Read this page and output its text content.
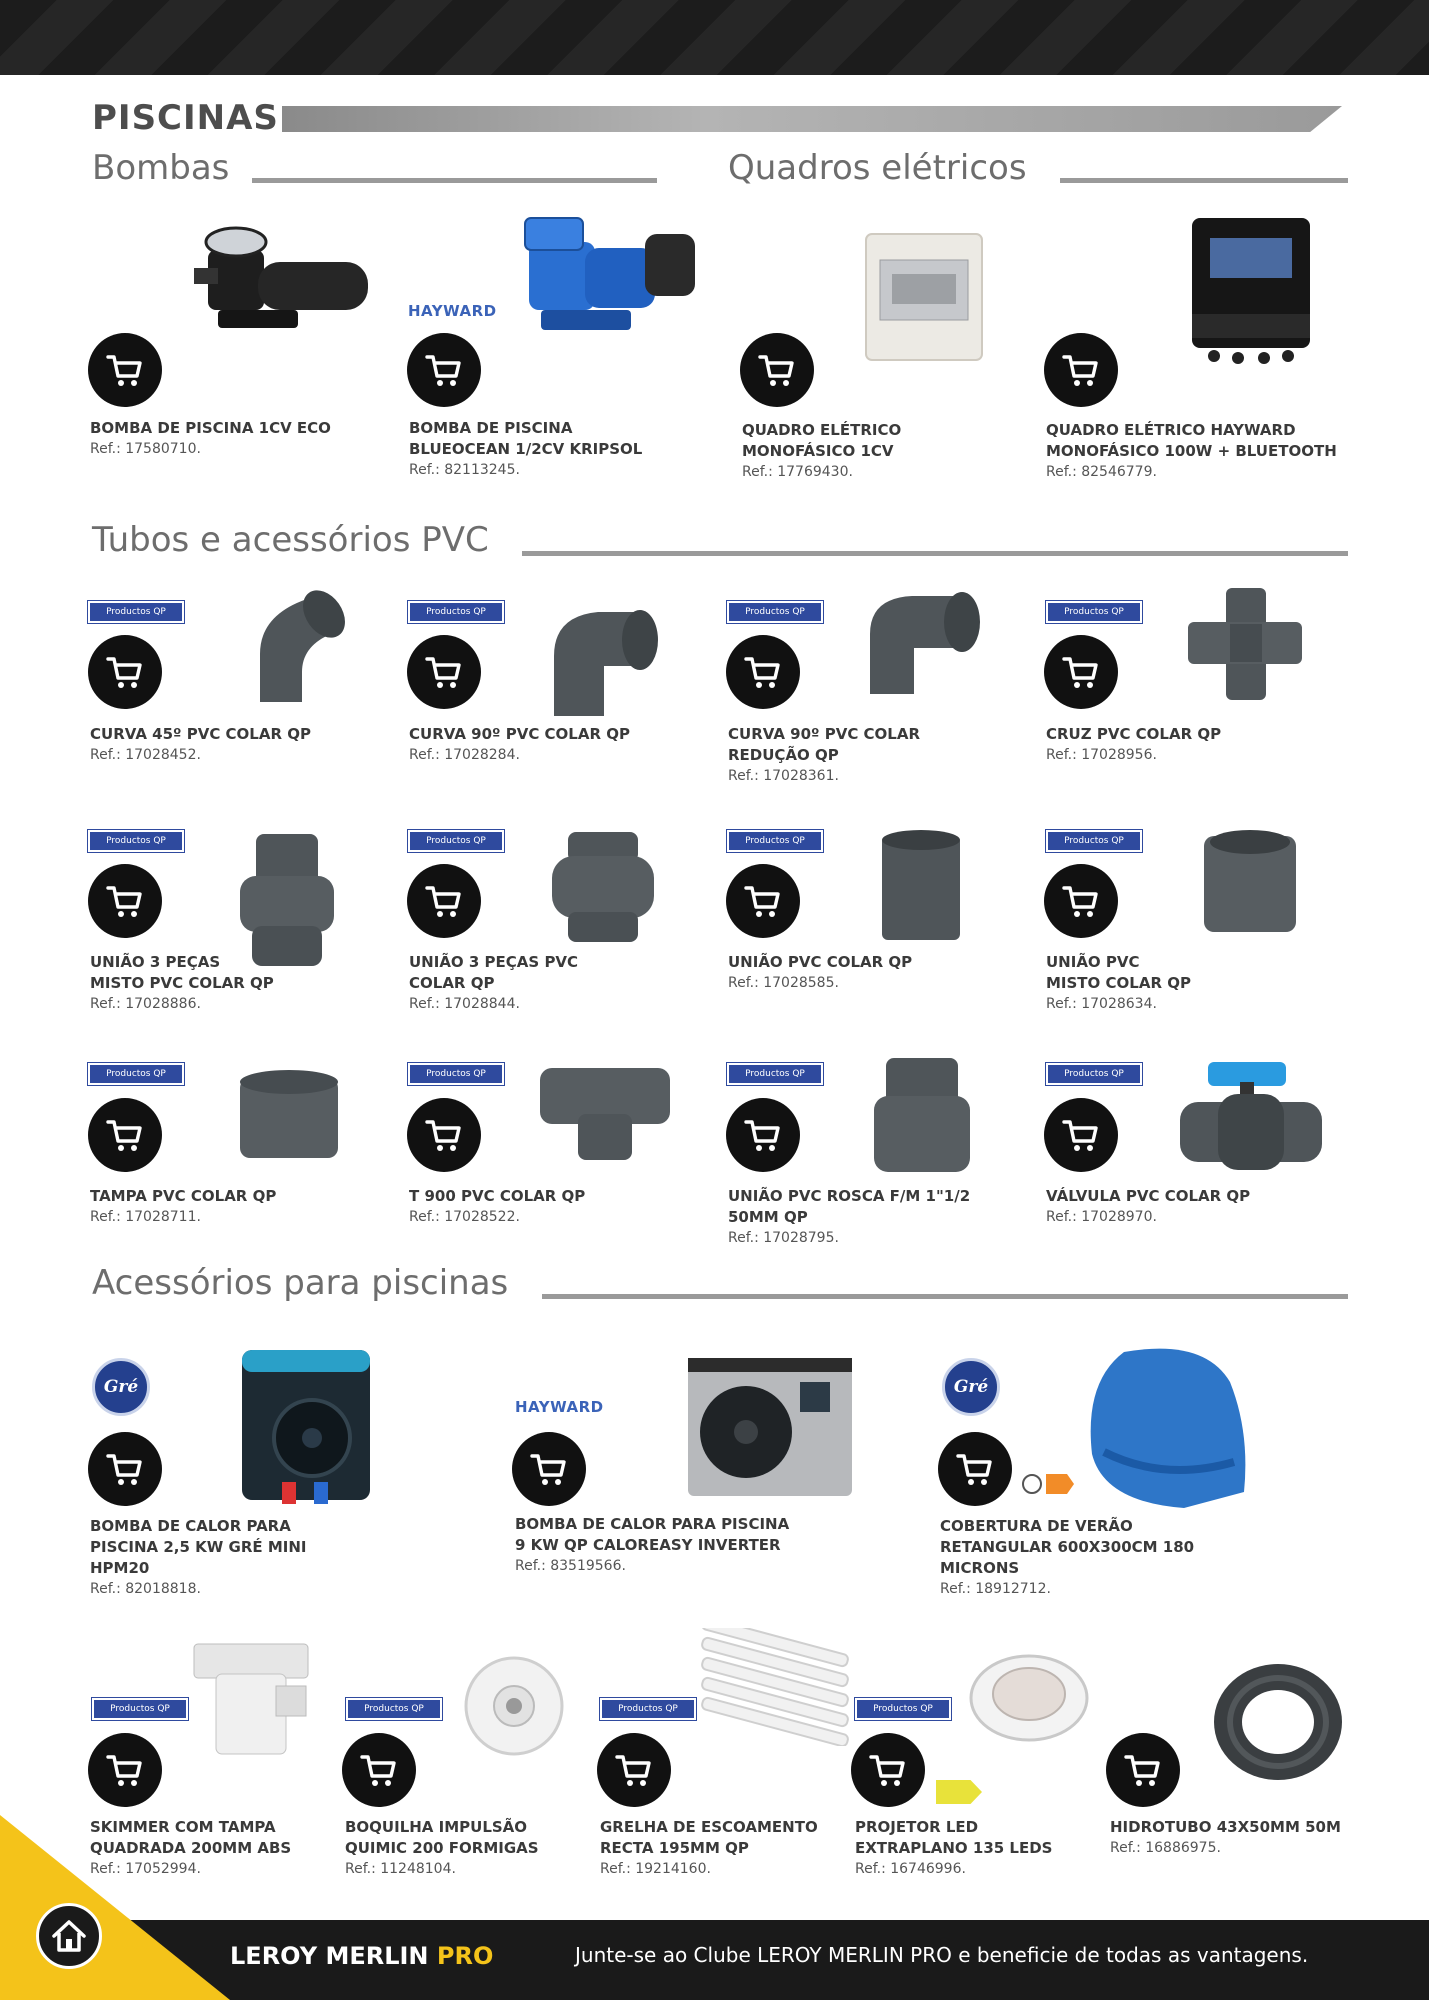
PISCINAS
Bombas	Quadros elétricos
Tubos e acessórios PVC
Acessórios para piscinas
BOMBA DE PISCINA 1CV ECO
Ref.: 17580710.
HAYWARD
BOMBA DE PISCINA
BLUEOCEAN 1/2CV KRIPSOL
Ref.: 82113245.
QUADRO ELÉTRICO
MONOFÁSICO 1CV
Ref.: 17769430.
QUADRO ELÉTRICO HAYWARD
MONOFÁSICO 100W + BLUETOOTH
Ref.: 82546779.
Productos QP
CURVA 45º PVC COLAR QP
Ref.: 17028452.
Productos QP
CURVA 90º PVC COLAR QP
Ref.: 17028284.
Productos QP
CURVA 90º PVC COLAR
REDUÇÃO QP
Ref.: 17028361.
Productos QP
CRUZ PVC COLAR QP
Ref.: 17028956.
Productos QP
UNIÃO 3 PEÇAS
MISTO PVC COLAR QP
Ref.: 17028886.
Productos QP
UNIÃO 3 PEÇAS PVC
COLAR QP
Ref.: 17028844.
Productos QP
UNIÃO PVC COLAR QP
Ref.: 17028585.
Productos QP
UNIÃO PVC
MISTO COLAR QP
Ref.: 17028634.
Productos QP
TAMPA PVC COLAR QP
Ref.: 17028711.
Productos QP
T 900 PVC COLAR QP
Ref.: 17028522.
Productos QP
UNIÃO PVC ROSCA F/M 1"1/2
50MM QP
Ref.: 17028795.
Productos QP
VÁLVULA PVC COLAR QP
Ref.: 17028970.
Gré
BOMBA DE CALOR PARA
PISCINA 2,5 KW GRÉ MINI
HPM20
Ref.: 82018818.
HAYWARD
BOMBA DE CALOR PARA PISCINA
9 KW QP CALOREASY INVERTER
Ref.: 83519566.
Gré
COBERTURA DE VERÃO
RETANGULAR 600X300CM 180
MICRONS
Ref.: 18912712.
Productos QP
SKIMMER COM TAMPA
QUADRADA 200MM ABS
Ref.: 17052994.
Productos QP
BOQUILHA IMPULSÃO
QUIMIC 200 FORMIGAS
Ref.: 11248104.
Productos QP
GRELHA DE ESCOAMENTO
RECTA 195MM QP
Ref.: 19214160.
Productos QP
PROJETOR LED
EXTRAPLANO 135 LEDS
Ref.: 16746996.
HIDROTUBO 43X50MM 50M
Ref.: 16886975.
LEROY MERLIN PRO	Junte-se ao Clube LEROY MERLIN PRO e beneficie de todas as vantagens.
